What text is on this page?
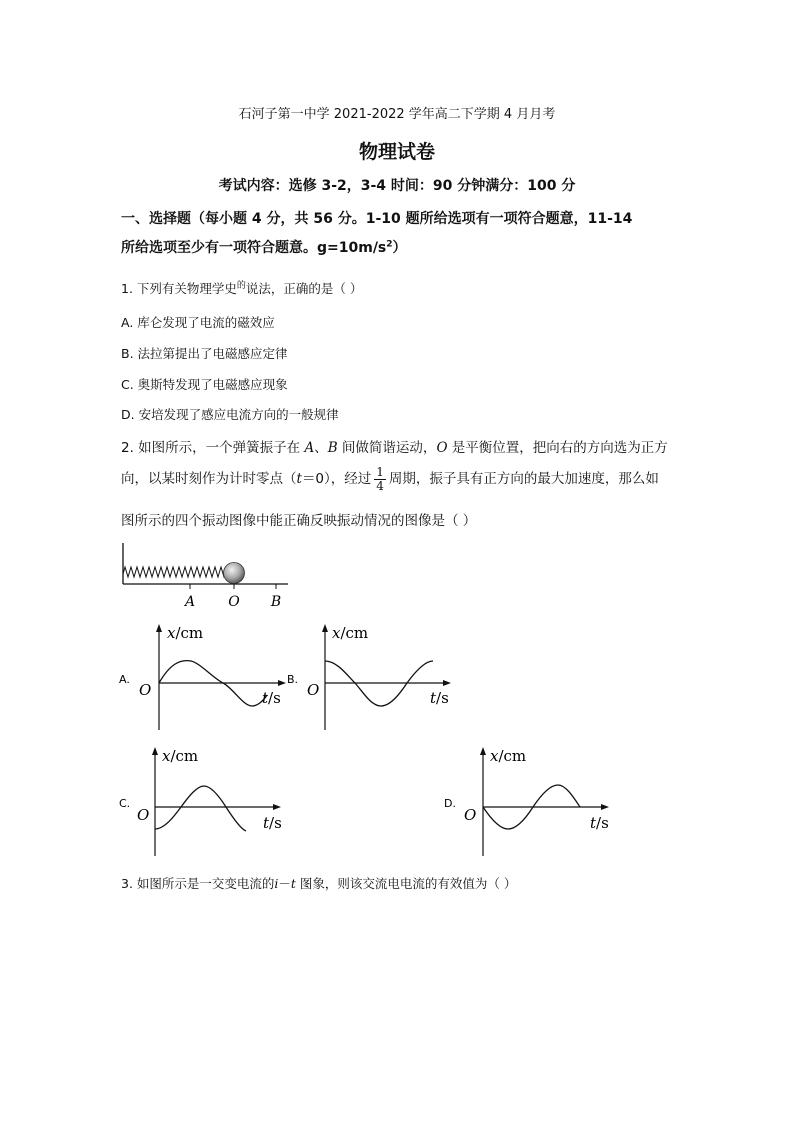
石河子第一中学 2021-2022 学年高二下学期 4 月月考
物理试卷
考试内容：选修 3-2，3-4 时间：90 分钟满分：100 分
一、选择题（每小题 4 分，共 56 分。1-10 题所给选项有一项符合题意，11-14
所给选项至少有一项符合题意。$g=10m/s^2$）
1. 下列有关物理学史$^的$说法，正确的是（ ）
A. 库仑发现了电流的磁效应
B. 法拉第提出了电磁感应定律
C. 奥斯特发现了电磁感应现象
D. 安培发现了感应电流方向的一般规律
2. 如图所示，一个弹簧振子在 A、B 间做简谐运动，O 是平衡位置，把向右的方向选为正方
向，以某时刻作为计时零点（t＝0），经过 $\frac{1}{4}$ 周期，振子具有正方向的最大加速度，那么如
图所示的四个振动图像中能正确反映振动情况的图像是（ ）
A O B
A.
x/cm
t/s
O
B.
x/cm
t/s
O
C.
x/cm
t/s
O
D.
x/cm
t/s
O
3. 如图所示是一交变电流的i－t 图象，则该交流电电流的有效值为（ ）
